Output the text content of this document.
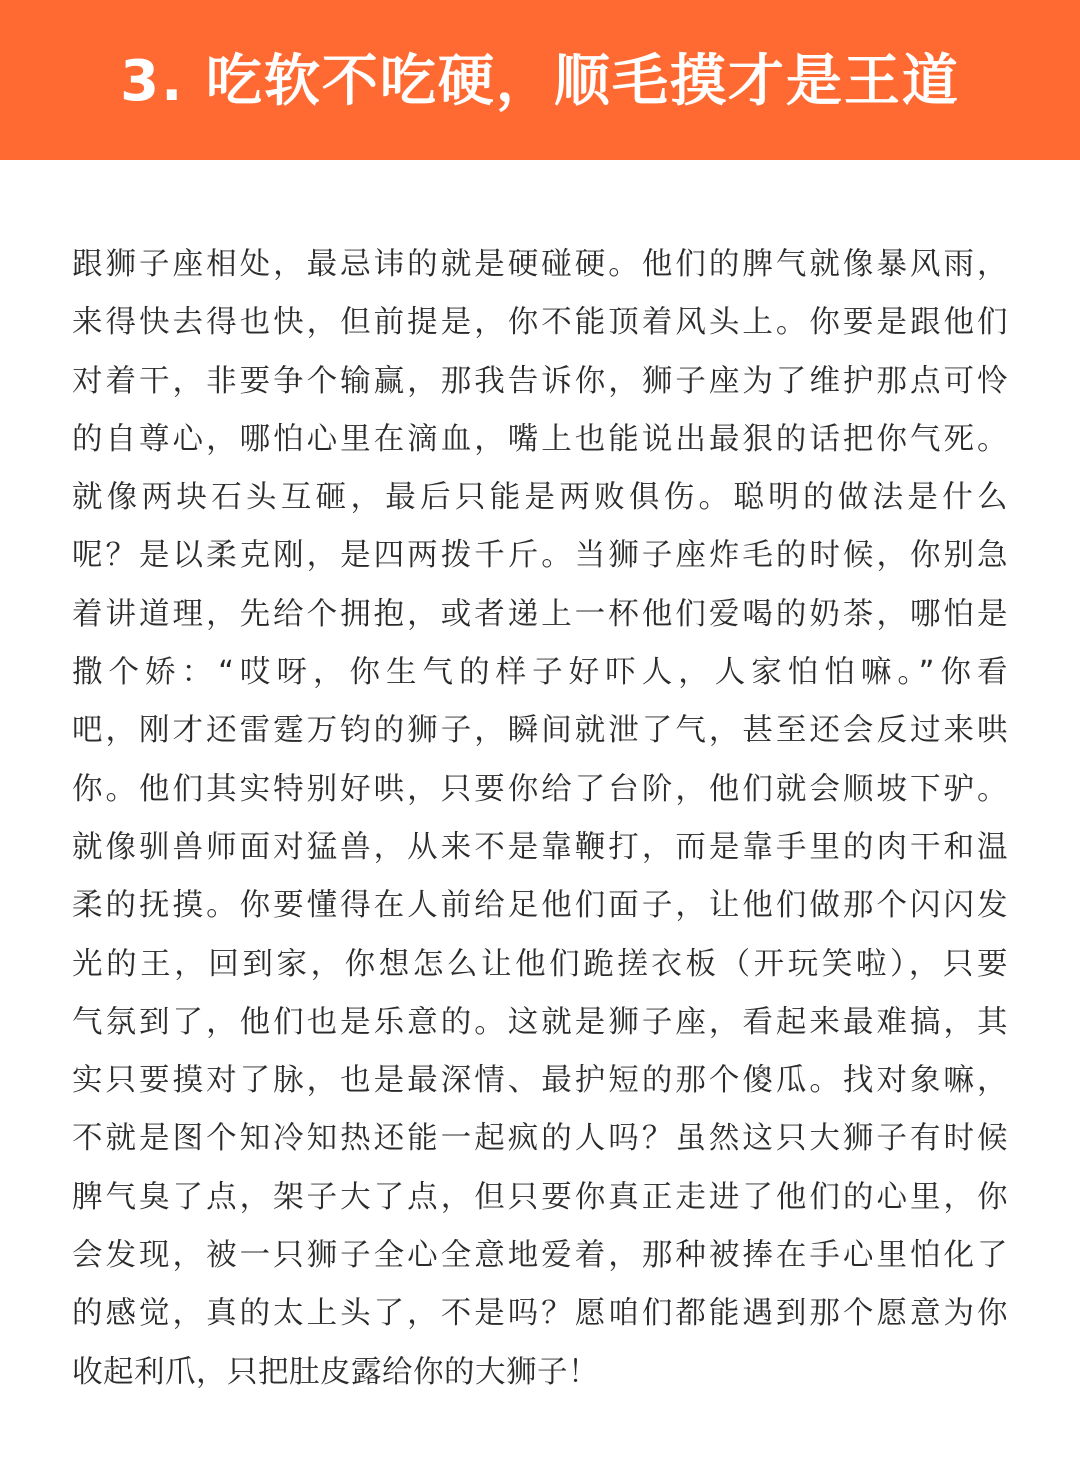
3. 吃软不吃硬，顺毛摸才是王道
跟狮子座相处，最忌讳的就是硬碰硬。他们的脾气就像暴风雨，
来得快去得也快，但前提是，你不能顶着风头上。你要是跟他们
对着干，非要争个输赢，那我告诉你，狮子座为了维护那点可怜
的自尊心，哪怕心里在滴血，嘴上也能说出最狠的话把你气死。
就像两块石头互砸，最后只能是两败俱伤。聪明的做法是什么
呢？是以柔克刚，是四两拨千斤。当狮子座炸毛的时候，你别急
着讲道理，先给个拥抱，或者递上一杯他们爱喝的奶茶，哪怕是
撒个娇：“哎呀，你生气的样子好吓人，人家怕怕嘛。”你看
吧，刚才还雷霆万钧的狮子，瞬间就泄了气，甚至还会反过来哄
你。他们其实特别好哄，只要你给了台阶，他们就会顺坡下驴。
就像驯兽师面对猛兽，从来不是靠鞭打，而是靠手里的肉干和温
柔的抚摸。你要懂得在人前给足他们面子，让他们做那个闪闪发
光的王，回到家，你想怎么让他们跪搓衣板（开玩笑啦），只要
气氛到了，他们也是乐意的。这就是狮子座，看起来最难搞，其
实只要摸对了脉，也是最深情、最护短的那个傻瓜。找对象嘛，
不就是图个知冷知热还能一起疯的人吗？虽然这只大狮子有时候
脾气臭了点，架子大了点，但只要你真正走进了他们的心里，你
会发现，被一只狮子全心全意地爱着，那种被捧在手心里怕化了
的感觉，真的太上头了，不是吗？愿咱们都能遇到那个愿意为你
收起利爪，只把肚皮露给你的大狮子！
